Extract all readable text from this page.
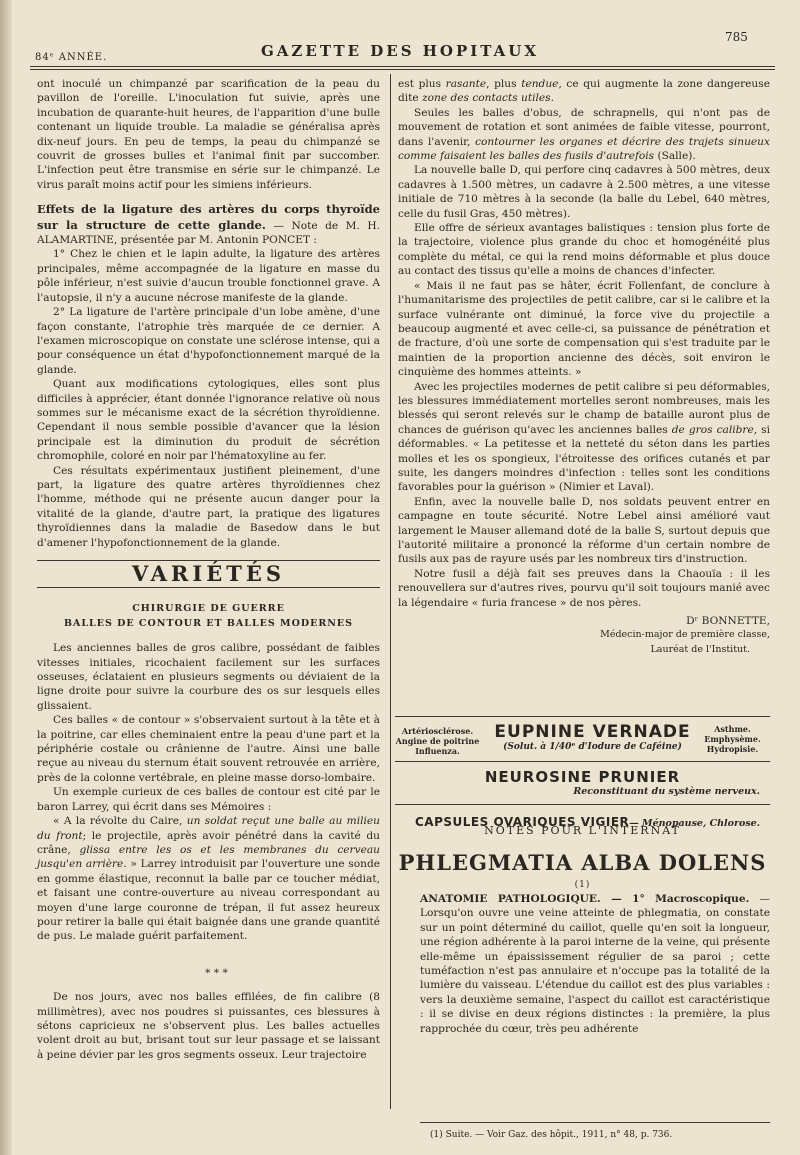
84ᵉ ANNÉE.	GAZETTE DES HOPITAUX
785

ont inoculé un chimpanzé par scarification de la peau du pavillon de l'oreille. L'inoculation fut suivie, après une incubation de quarante-huit heures, de l'apparition d'une bulle contenant un liquide trouble. La maladie se généralisa après dix-neuf jours. En peu de temps, la peau du chimpanzé se couvrit de grosses bulles et l'animal finit par succomber. L'infection peut être transmise en série sur le chimpanzé. Le virus paraît moins actif pour les simiens inférieurs.

Effets de la ligature des artères du corps thyroïde sur la structure de cette glande. — Note de M. H. ALAMARTINE, présentée par M. Antonin PONCET :

1° Chez le chien et le lapin adulte, la ligature des artères principales, même accompagnée de la ligature en masse du pôle inférieur, n'est suivie d'aucun trouble fonctionnel grave. A l'autopsie, il n'y a aucune nécrose manifeste de la glande.

2° La ligature de l'artère principale d'un lobe amène, d'une façon constante, l'atrophie très marquée de ce dernier. A l'examen microscopique on constate une sclérose intense, qui a pour conséquence un état d'hypofonctionnement marqué de la glande.

Quant aux modifications cytologiques, elles sont plus difficiles à apprécier, étant donnée l'ignorance relative où nous sommes sur le mécanisme exact de la sécrétion thyroïdienne. Cependant il nous semble possible d'avancer que la lésion principale est la diminution du produit de sécrétion chromophile, coloré en noir par l'hématoxyline au fer.

Ces résultats expérimentaux justifient pleinement, d'une part, la ligature des quatre artères thyroïdiennes chez l'homme, méthode qui ne présente aucun danger pour la vitalité de la glande, d'autre part, la pratique des ligatures thyroïdiennes dans la maladie de Basedow dans le but d'amener l'hypofonctionnement de la glande.

VARIÉTÉS
CHIRURGIE DE GUERRE
BALLES DE CONTOUR ET BALLES MODERNES

Les anciennes balles de gros calibre, possédant de faibles vitesses initiales, ricochaient facilement sur les surfaces osseuses, éclataient en plusieurs segments ou déviaient de la ligne droite pour suivre la courbure des os sur lesquels elles glissaient.

Ces balles « de contour » s'observaient surtout à la tête et à la poitrine, car elles cheminaient entre la peau d'une part et la périphérie costale ou crânienne de l'autre. Ainsi une balle reçue au niveau du sternum était souvent retrouvée en arrière, près de la colonne vertébrale, en pleine masse dorso-lombaire.

Un exemple curieux de ces balles de contour est cité par le baron Larrey, qui écrit dans ses Mémoires :

« A la révolte du Caire, un soldat reçut une balle au milieu du front; le projectile, après avoir pénétré dans la cavité du crâne, glissa entre les os et les membranes du cerveau jusqu'en arrière. » Larrey introduisit par l'ouverture une sonde en gomme élastique, reconnut la balle par ce toucher médiat, et faisant une contre-ouverture au niveau correspondant au moyen d'une large couronne de trépan, il fut assez heureux pour retirer la balle qui était baignée dans une grande quantité de pus. Le malade guérit parfaitement.

* * *

De nos jours, avec nos balles effilées, de fin calibre (8 millimètres), avec nos poudres si puissantes, ces blessures à sétons capricieux ne s'observent plus. Les balles actuelles volent droit au but, brisant tout sur leur passage et se laissant à peine dévier par les gros segments osseux. Leur trajectoire

est plus rasante, plus tendue, ce qui augmente la zone dangereuse dite zone des contacts utiles.

Seules les balles d'obus, de schrapnells, qui n'ont pas de mouvement de rotation et sont animées de faible vitesse, pourront, dans l'avenir, contourner les organes et décrire des trajets sinueux comme faisaient les balles des fusils d'autrefois (Salle).

La nouvelle balle D, qui perfore cinq cadavres à 500 mètres, deux cadavres à 1.500 mètres, un cadavre à 2.500 mètres, a une vitesse initiale de 710 mètres à la seconde (la balle du Lebel, 640 mètres, celle du fusil Gras, 450 mètres).

Elle offre de sérieux avantages balistiques : tension plus forte de la trajectoire, violence plus grande du choc et homogénéité plus complète du métal, ce qui la rend moins déformable et plus douce au contact des tissus qu'elle a moins de chances d'infecter.

« Mais il ne faut pas se hâter, écrit Follenfant, de conclure à l'humanitarisme des projectiles de petit calibre, car si le calibre et la surface vulnérante ont diminué, la force vive du projectile a beaucoup augmenté et avec celle-ci, sa puissance de pénétration et de fracture, d'où une sorte de compensation qui s'est traduite par le maintien de la proportion ancienne des décès, soit environ le cinquième des hommes atteints. »

Avec les projectiles modernes de petit calibre si peu déformables, les blessures immédiatement mortelles seront nombreuses, mais les blessés qui seront relevés sur le champ de bataille auront plus de chances de guérison qu'avec les anciennes balles de gros calibre, si déformables. « La petitesse et la netteté du séton dans les parties molles et les os spongieux, l'étroitesse des orifices cutanés et par suite, les dangers moindres d'infection : telles sont les conditions favorables pour la guérison » (Nimier et Laval).

Enfin, avec la nouvelle balle D, nos soldats peuvent entrer en campagne en toute sécurité. Notre Lebel ainsi amélioré vaut largement le Mauser allemand doté de la balle S, surtout depuis que l'autorité militaire a prononcé la réforme d'un certain nombre de fusils aux pas de rayure usés par les nombreux tirs d'instruction.

Notre fusil a déjà fait ses preuves dans la Chaouïa : il les renouvellera sur d'autres rives, pourvu qu'il soit toujours manié avec la légendaire « furia francese » de nos pères.

Dʳ BONNETTE,

Médecin-major de première classe,

Lauréat de l'Institut.

Artériosclérose. Angine de poitrine Influenza.
EUPNINE VERNADE
(Solut. à 1/40ᵉ d'Iodure de Caféine)
Asthme. Emphysème. Hydropisie.
NEUROSINE PRUNIER
Reconstituant du système nerveux.
CAPSULES OVARIQUES VIGIER— Ménopause, Chlorose.
NOTES POUR L'INTERNAT
PHLEGMATIA ALBA DOLENS $^{(1)}$

ANATOMIE PATHOLOGIQUE. — 1° Macroscopique. — Lorsqu'on ouvre une veine atteinte de phlegmatia, on constate sur un point déterminé du caillot, quelle qu'en soit la longueur, une région adhérente à la paroi interne de la veine, qui présente elle-même un épaississement régulier de sa paroi ; cette tuméfaction n'est pas annulaire et n'occupe pas la totalité de la lumière du vaisseau. L'étendue du caillot est des plus variables : vers la deuxième semaine, l'aspect du caillot est caractéristique : il se divise en deux régions distinctes : la première, la plus rapprochée du cœur, très peu adhérente

(1) Suite. — Voir Gaz. des hôpit., 1911, n° 48, p. 736.
